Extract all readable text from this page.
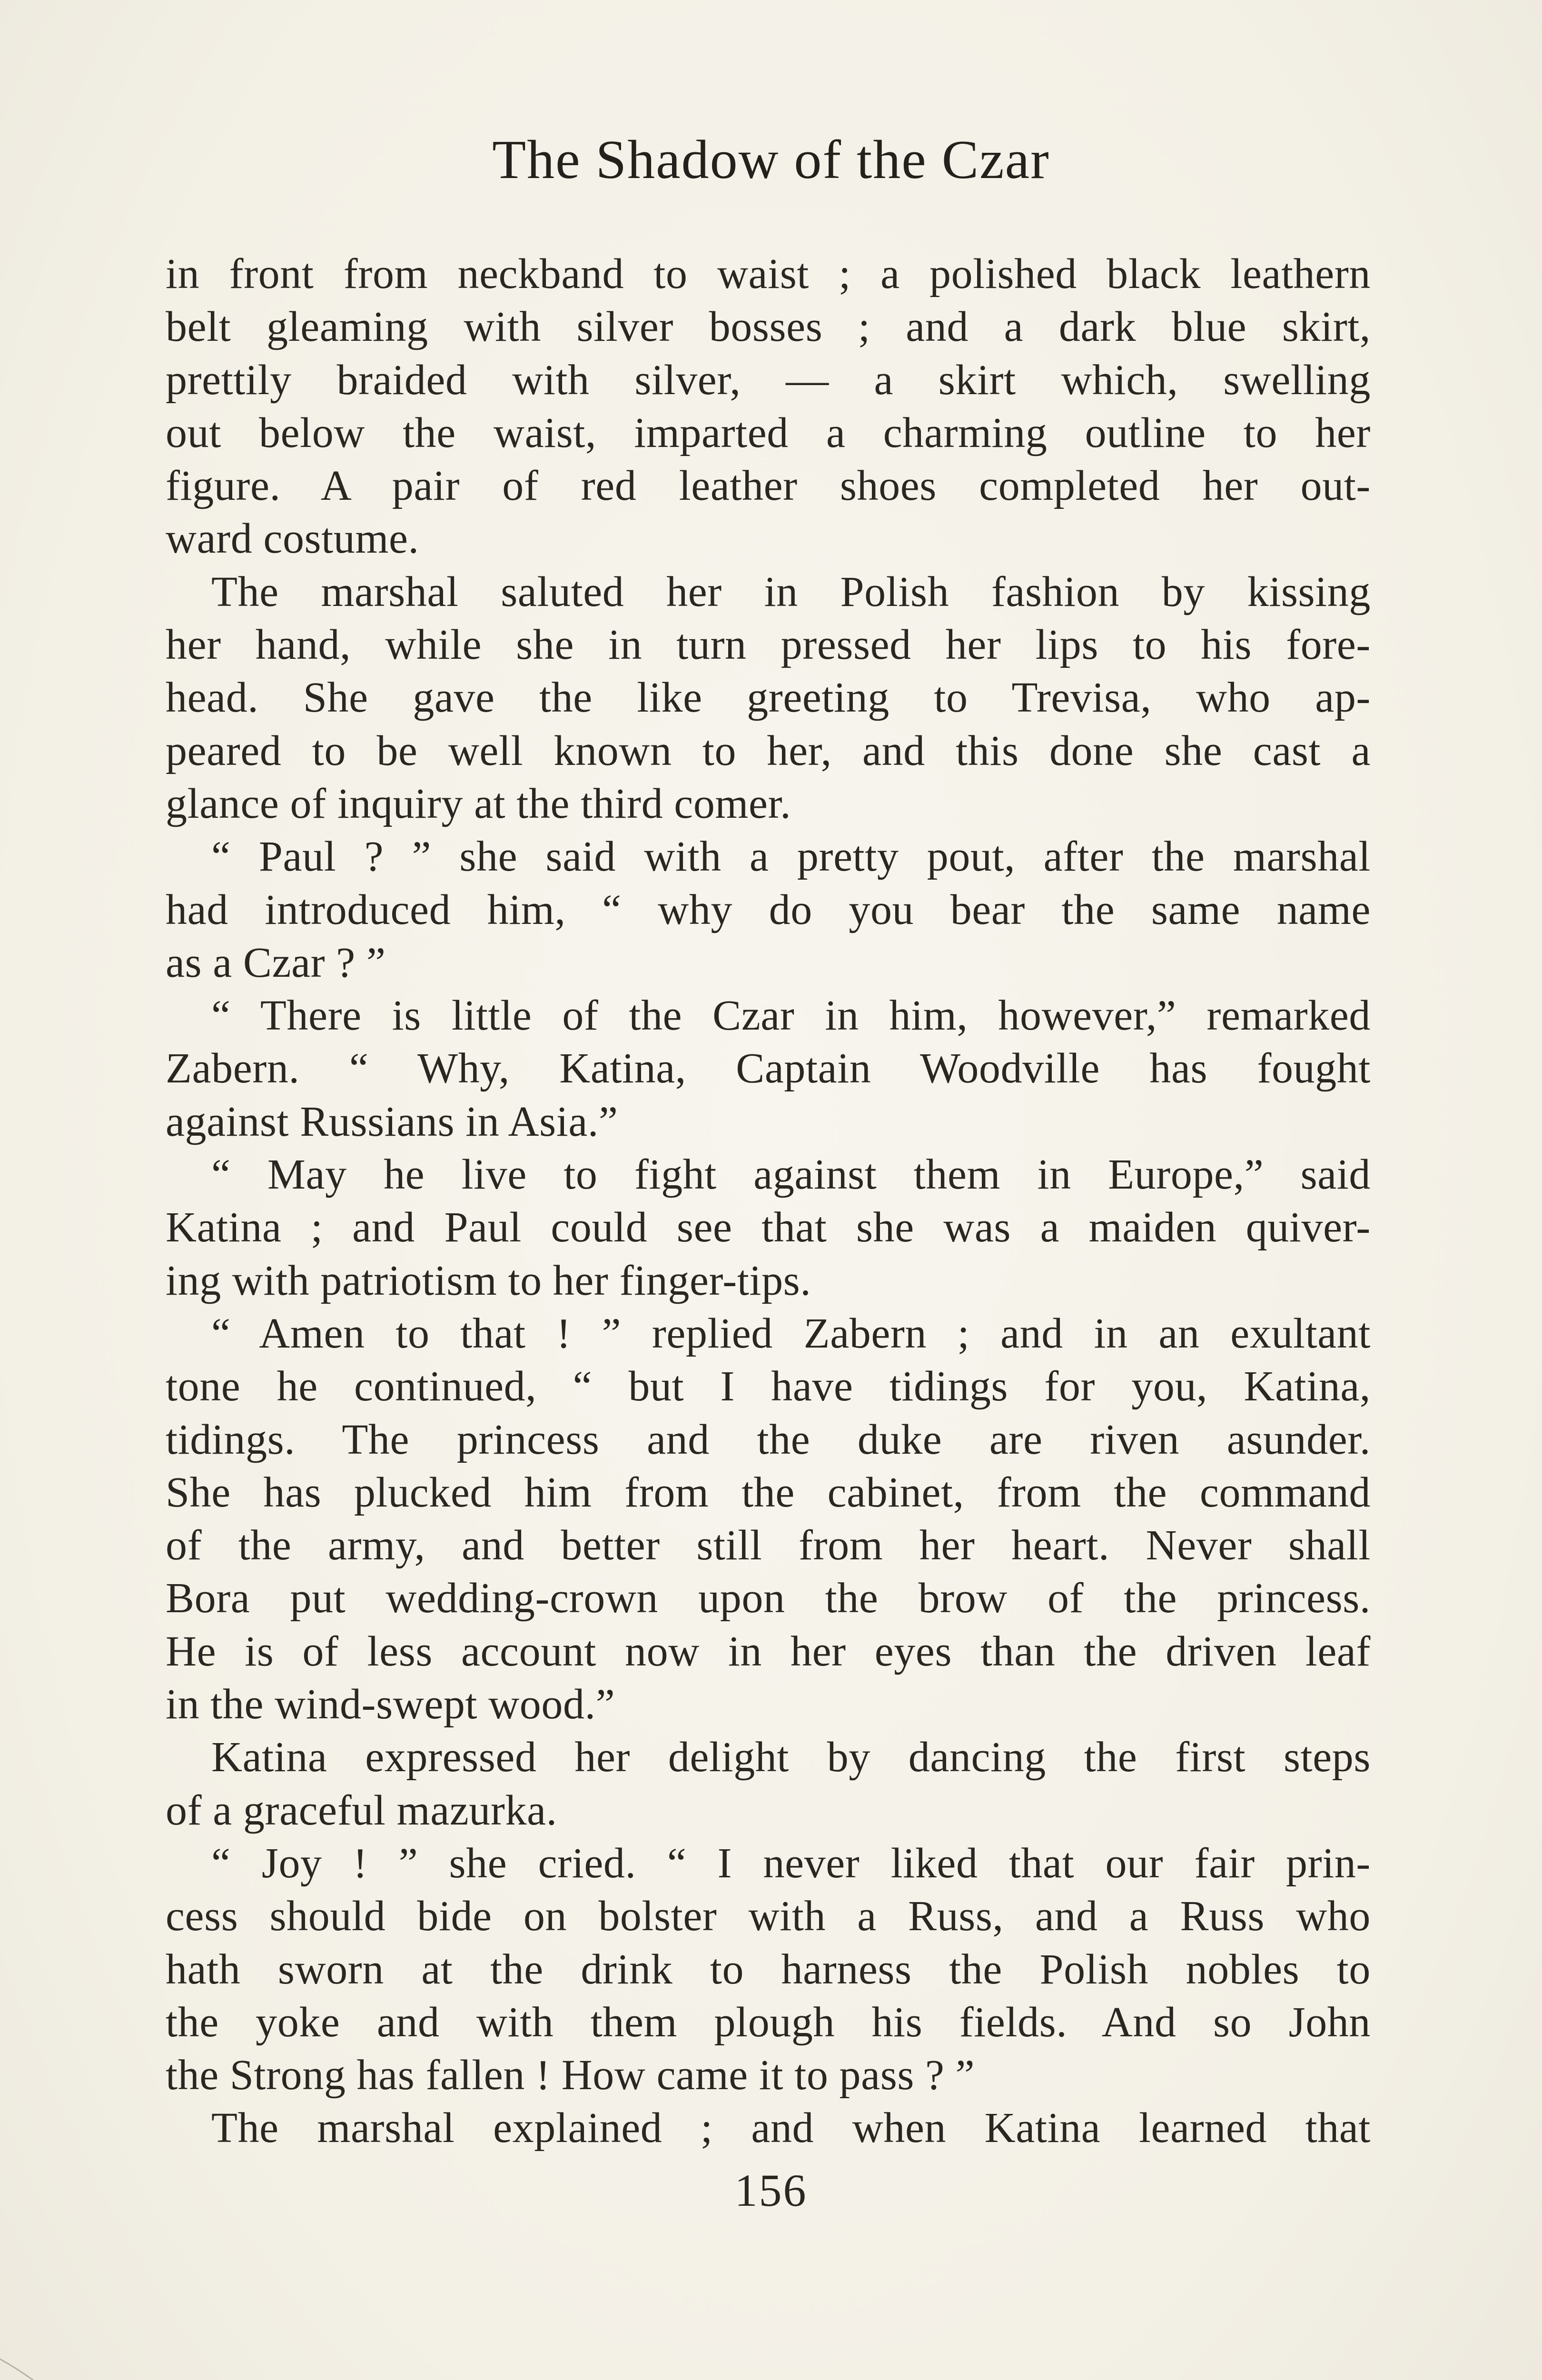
The Shadow of the Czar
in front from neckband to waist ; a polished black leathern
belt gleaming with silver bosses ; and a dark blue skirt,
prettily braided with silver, — a skirt which, swelling
out below the waist, imparted a charming outline to her
figure. A pair of red leather shoes completed her out-
ward costume.
The marshal saluted her in Polish fashion by kissing
her hand, while she in turn pressed her lips to his fore-
head. She gave the like greeting to Trevisa, who ap-
peared to be well known to her, and this done she cast a
glance of inquiry at the third comer.
“ Paul ? ” she said with a pretty pout, after the marshal
had introduced him, “ why do you bear the same name
as a Czar ? ”
“ There is little of the Czar in him, however,” remarked
Zabern. “ Why, Katina, Captain Woodville has fought
against Russians in Asia.”
“ May he live to fight against them in Europe,” said
Katina ; and Paul could see that she was a maiden quiver-
ing with patriotism to her finger-tips.
“ Amen to that ! ” replied Zabern ; and in an exultant
tone he continued, “ but I have tidings for you, Katina,
tidings. The princess and the duke are riven asunder.
She has plucked him from the cabinet, from the command
of the army, and better still from her heart. Never shall
Bora put wedding-crown upon the brow of the princess.
He is of less account now in her eyes than the driven leaf
in the wind-swept wood.”
Katina expressed her delight by dancing the first steps
of a graceful mazurka.
“ Joy ! ” she cried. “ I never liked that our fair prin-
cess should bide on bolster with a Russ, and a Russ who
hath sworn at the drink to harness the Polish nobles to
the yoke and with them plough his fields. And so John
the Strong has fallen ! How came it to pass ? ”
The marshal explained ; and when Katina learned that
156
